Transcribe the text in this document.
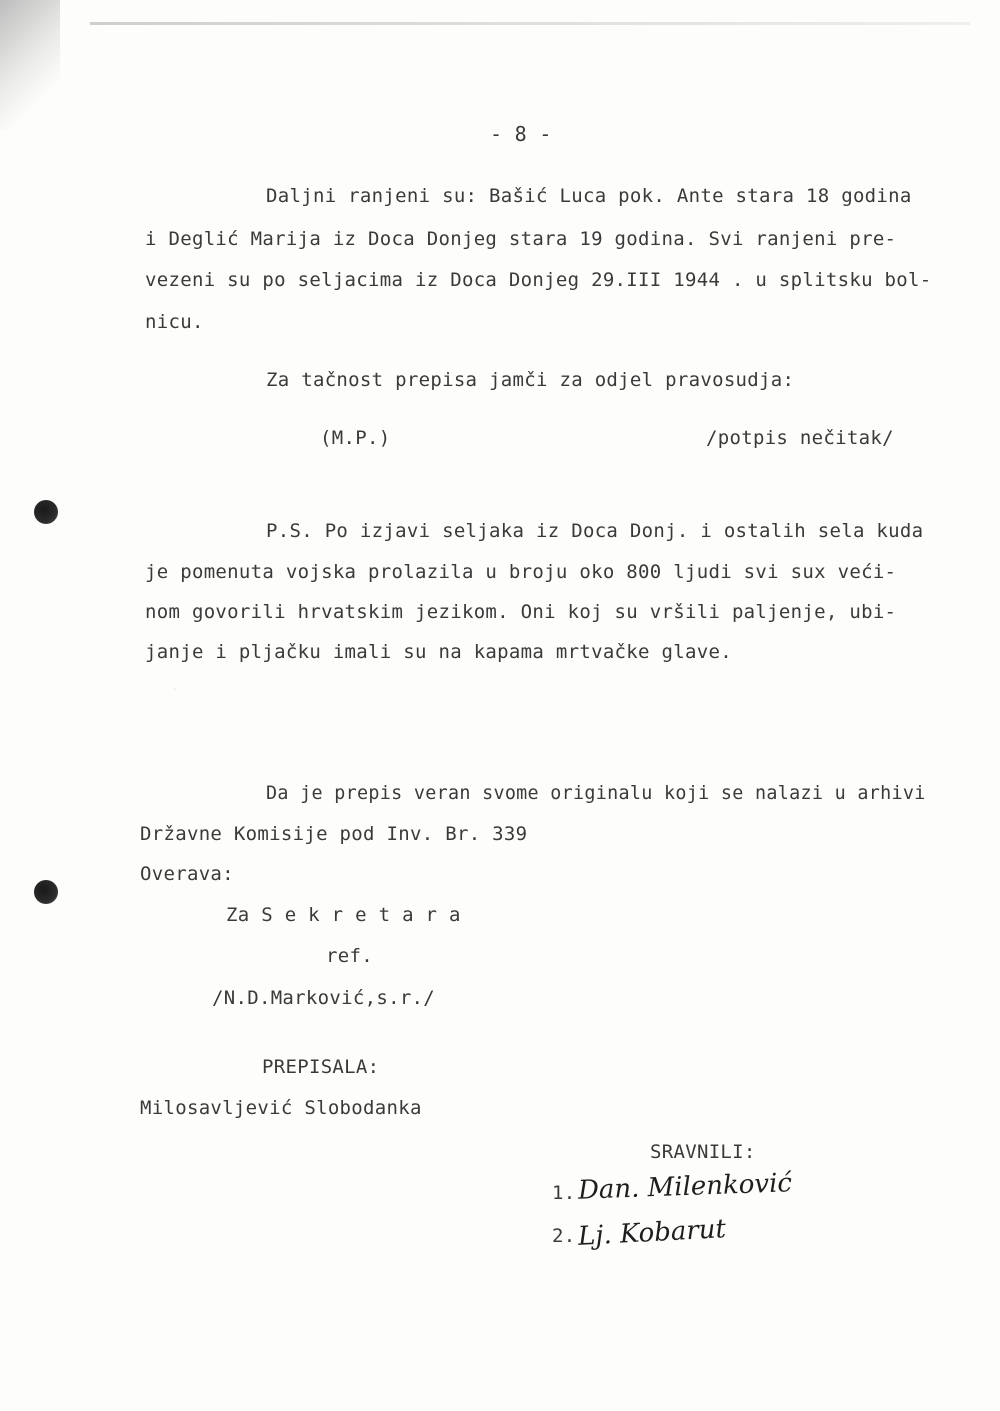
·
- 8 -
Daljni ranjeni su: Bašić Luca pok. Ante stara 18 godina
i Deglić Marija iz Doca Donjeg stara 19 godina. Svi ranjeni pre-
vezeni su po seljacima iz Doca Donjeg 29.III 1944 . u splitsku bol-
nicu.
Za tačnost prepisa jamči za odjel pravosudja:
(M.P.)	/potpis nečitak/
P.S. Po izjavi seljaka iz Doca Donj. i ostalih sela kuda
je pomenuta vojska prolazila u broju oko 800 ljudi svi sux veći-
nom govorili hrvatskim jezikom. Oni koj su vršili paljenje, ubi-
janje i pljačku imali su na kapama mrtvačke glave.
Da je prepis veran svome originalu koji se nalazi u arhivi
Državne Komisije pod Inv. Br. 339
Overava:
Za S e k r e t a r a
ref.
/N.D.Marković,s.r./
PREPISALA:
Milosavljević Slobodanka
SRAVNILI:
1. Dan. Milenković
2. Lj. Kobarut
